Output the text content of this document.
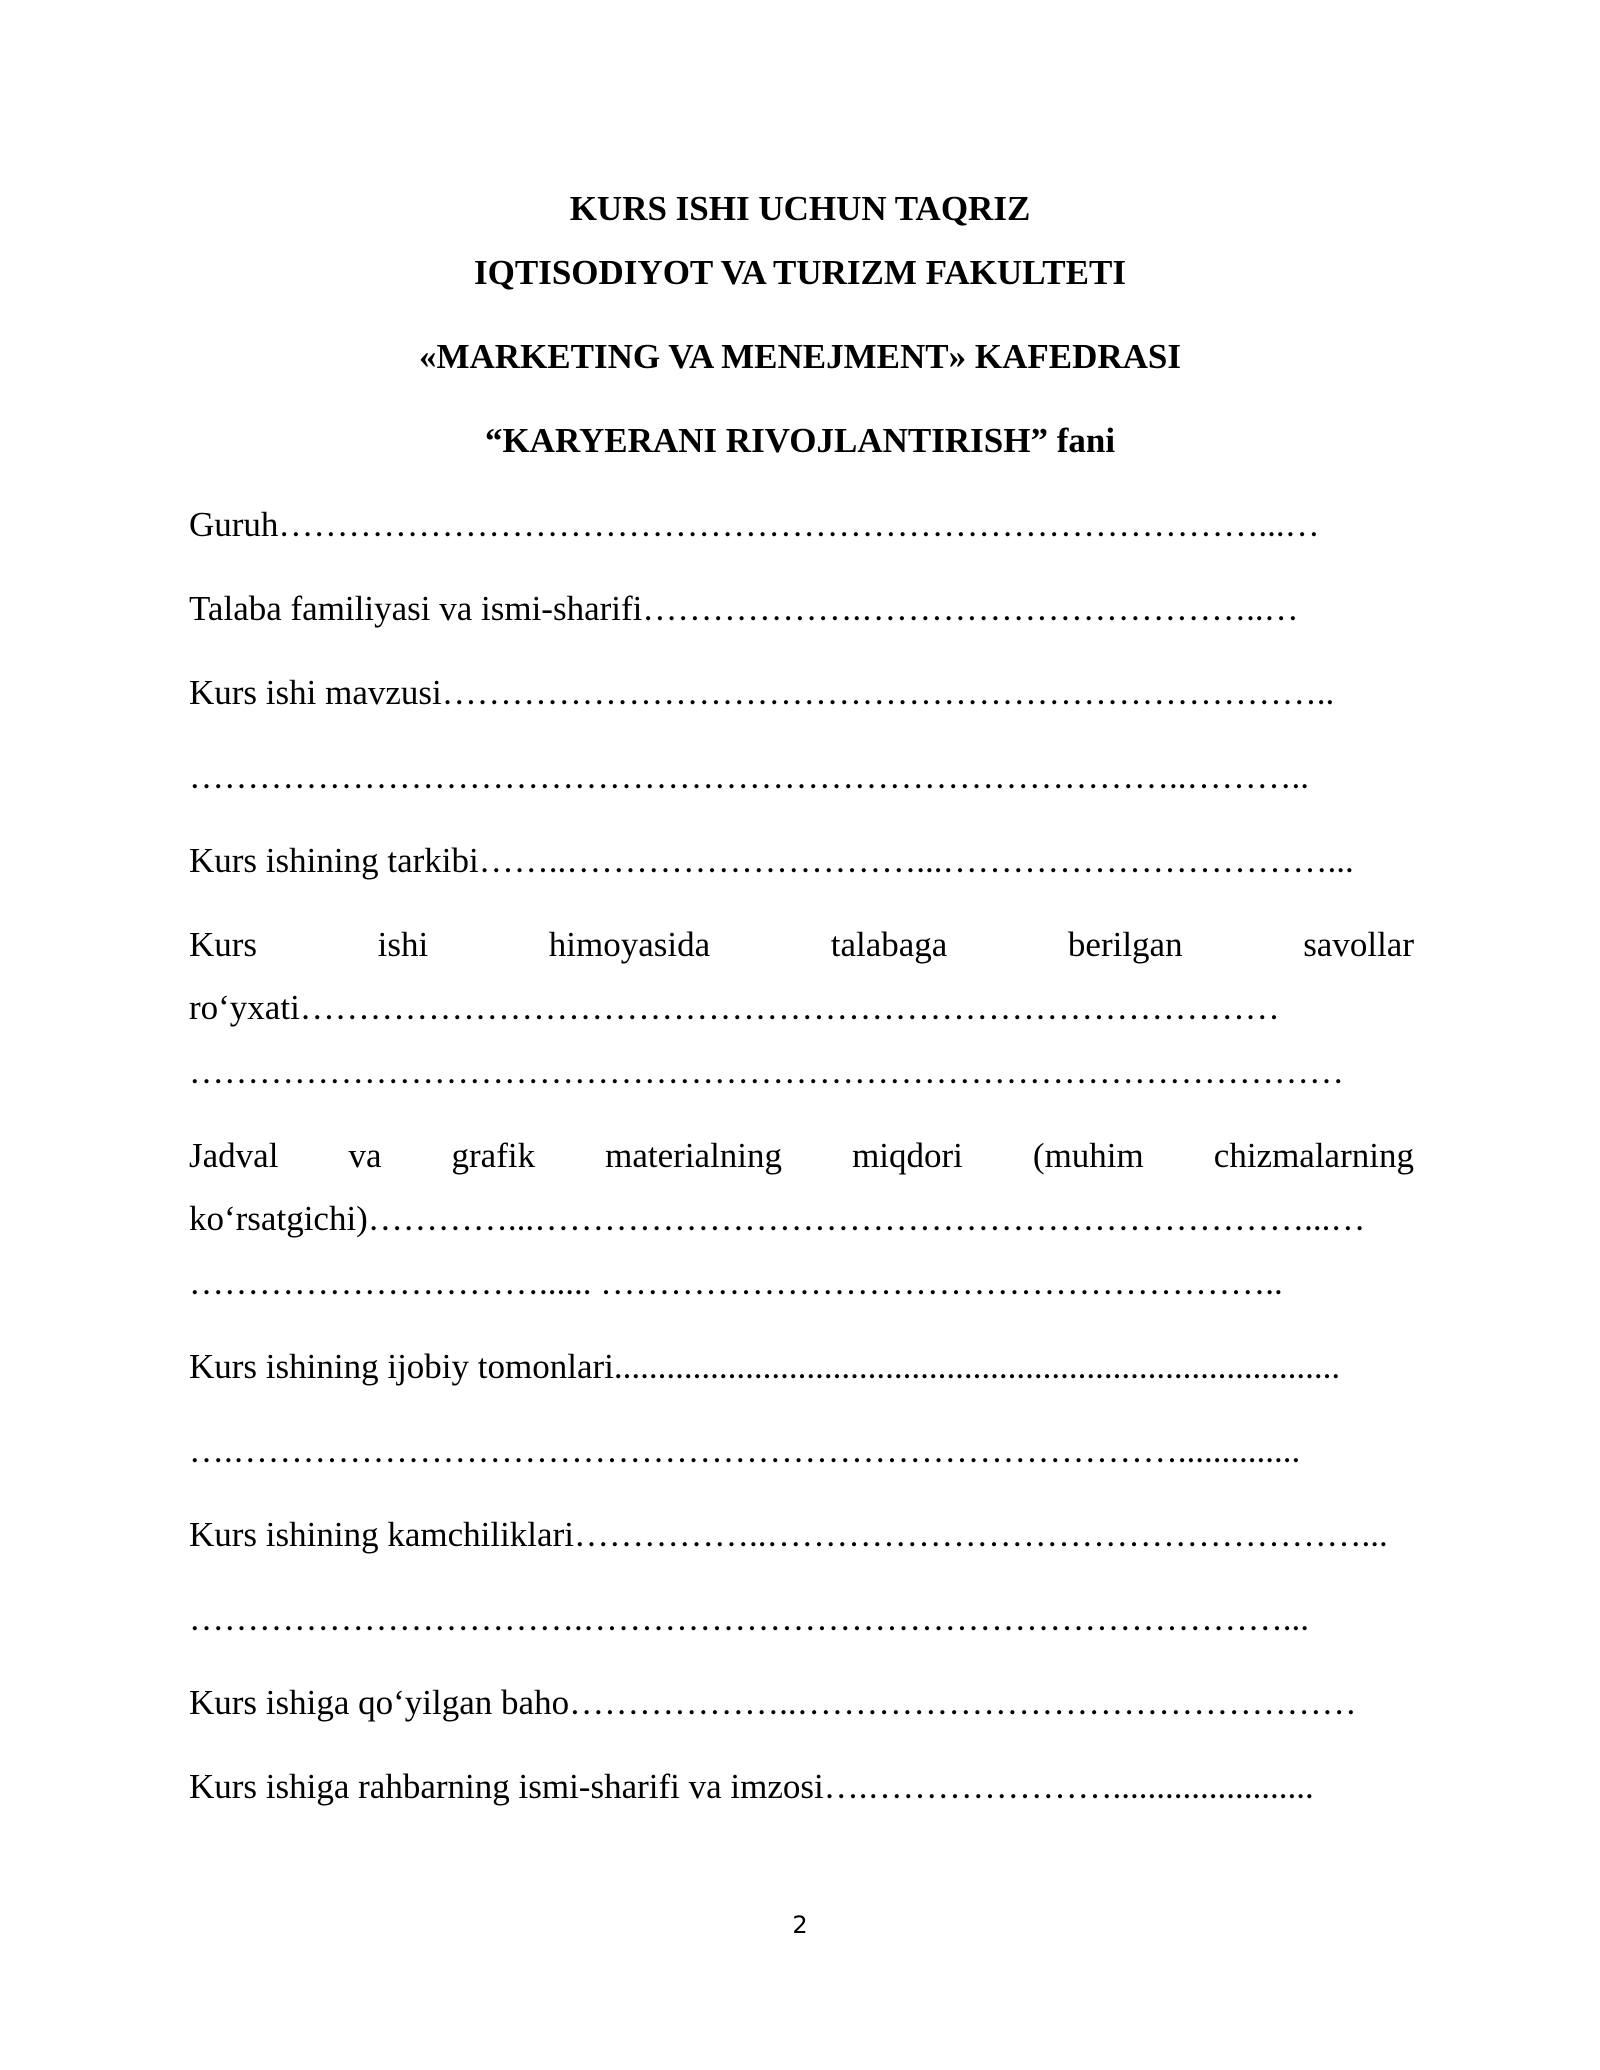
KURS ISHI UCHUN TAQRIZ
IQTISODIYOT VA TURIZM FAKULTETI
«MARKETING VA MENEJMENT» KAFEDRASI
“KARYERANI RIVOJLANTIRISH” fani
Guruh…………………………………………………………………………...…
Talaba familiyasi va ismi-sharifi……………….……………………………..…
Kurs ishi mavzusi…………………………………………………………………..
…………………………………………………………………………..………..
Kurs ishining tarkibi……..…………………………...……………………………...
Kurs	ishi	himoyasida	talabaga	berilgan	savollar
ro‘yxati…………………………………………………………………………
………………………………………………………………………………………
Jadval va grafik materialning miqdori (muhim chizmalarning
ko‘rsatgichi)…………...…………………………………………………………...…
…………………………...... …………………………………………………..
Kurs ishining ijobiy tomonlari...................................................................................
….………………………………………………………………………..............
Kurs ishining kamchiliklari……………..……………………………………………...
…………………………….……………………………………………………...
Kurs ishiga qo‘yilgan baho………………..…………………………………………
Kurs ishiga rahbarning ismi-sharifi va imzosi….………………….......................
2
